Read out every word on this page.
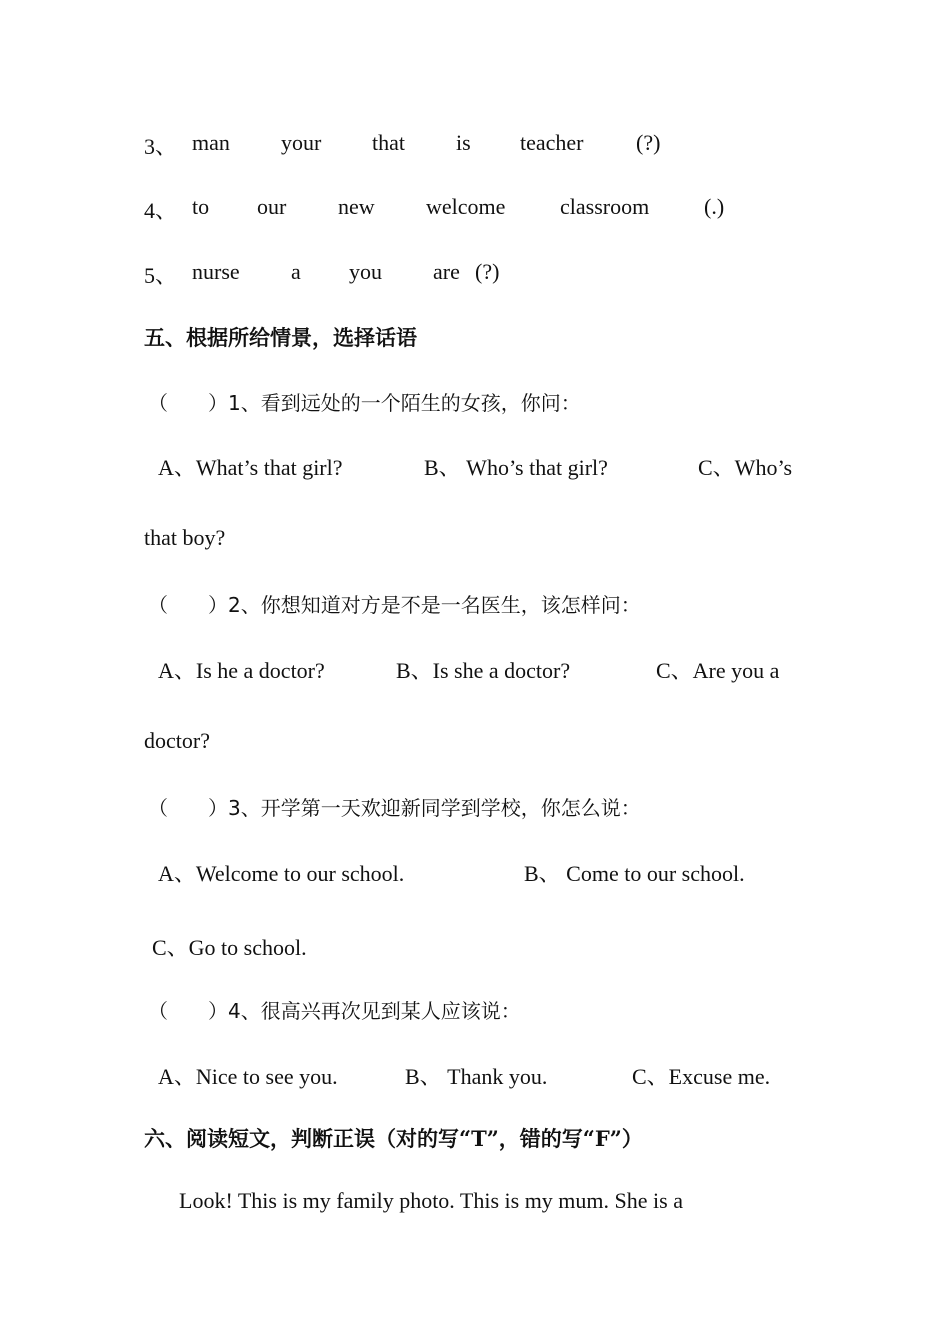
3、 man your that is teacher (?)
4、 to our new welcome classroom (.)
5、 nurse a you are (?)
五、根据所给情景，选择话语
（　　） 1、看到远处的一个陌生的女孩，你问：
A、What’s that girl?	B、 Who’s that girl?	C、Who’s
that boy?
（　　） 2、你想知道对方是不是一名医生，该怎样问：
A、Is he a doctor?	B、Is she a doctor?	C、Are you a
doctor?
（　　） 3、开学第一天欢迎新同学到学校，你怎么说：
A、Welcome to our school.	B、 Come to our school.
C、Go to school.
（　　） 4、很高兴再次见到某人应该说：
A、Nice to see you.	B、 Thank you.	C、Excuse me.
六、阅读短文，判断正误（对的写“T”，错的写“F”）
Look! This is my family photo. This is my mum. She is a
